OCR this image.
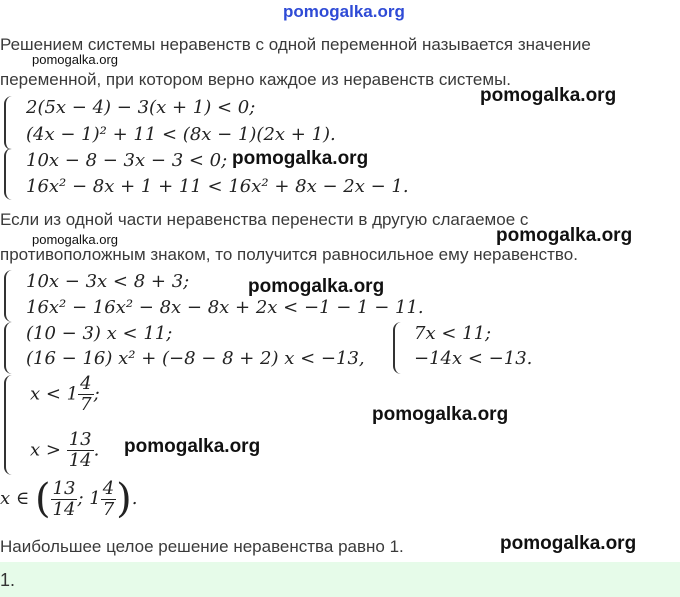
pomogalka.org
pomogalka.org
pomogalka.org
pomogalka.org
pomogalka.org	pomogalka.org
pomogalka.org
pomogalka.org
pomogalka.org
pomogalka.org
Решением системы неравенств с одной переменной называется значение
переменной, при котором верно каждое из неравенств системы.
2(5x − 4) − 3(x + 1) < 0;
(4x − 1)² + 11 < (8x − 1)(2x + 1).
10x − 8 − 3x − 3 < 0;
16x² − 8x + 1 + 11 < 16x² + 8x − 2x − 1.
Если из одной части неравенства перенести в другую слагаемое с
противоположным знаком, то получится равносильное ему неравенство.
10x − 3x < 8 + 3;
16x² − 16x² − 8x − 8x + 2x < −1 − 1 − 11.
(10 − 3) x < 11;
(16 − 16) x² + (−8 − 8 + 2) x < −13,
7x < 11;
−14x < −13.
$x < 1 \frac{4}{7}$ ;
$x > \frac{13}{14}$ .
x ∈ ( $\frac{13}{14}$ ; $1 \frac{4}{7}$ ).
Наибольшее целое решение неравенства равно 1.
1.
